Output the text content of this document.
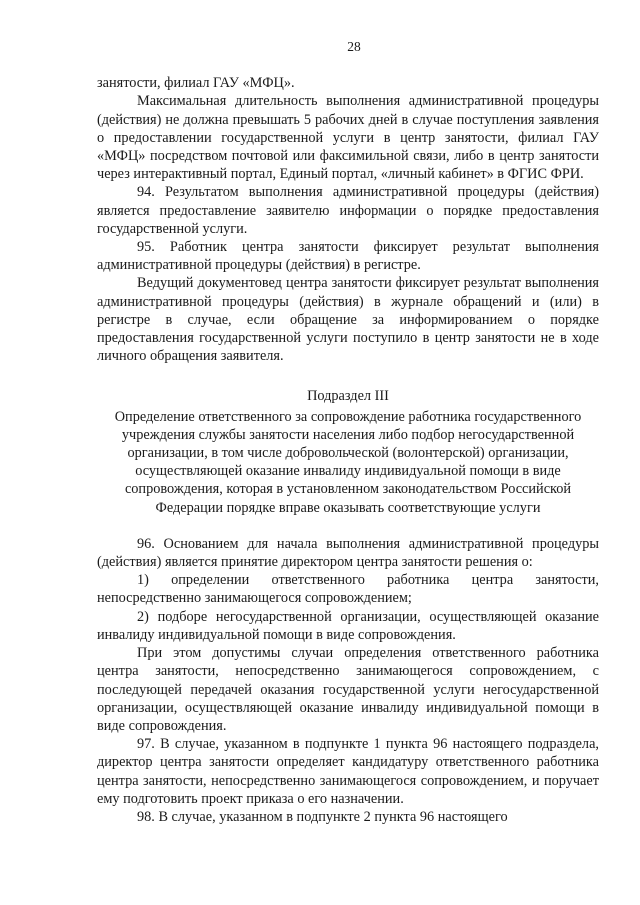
28

занятости, филиал ГАУ «МФЦ».

Максимальная длительность выполнения административной процедуры (действия) не должна превышать 5 рабочих дней в случае поступления заявления о предоставлении государственной услуги в центр занятости, филиал ГАУ «МФЦ» посредством почтовой или факсимильной связи, либо в центр занятости через интерактивный портал, Единый портал, «личный кабинет» в ФГИС ФРИ.

94. Результатом выполнения административной процедуры (действия) является предоставление заявителю информации о порядке предоставления государственной услуги.

95. Работник центра занятости фиксирует результат выполнения административной процедуры (действия) в регистре.

Ведущий документовед центра занятости фиксирует результат выполнения административной процедуры (действия) в журнале обращений и (или) в регистре в случае, если обращение за информированием о порядке предоставления государственной услуги поступило в центр занятости не в ходе личного обращения заявителя.

Подраздел III

Определение ответственного за сопровождение работника государственного учреждения службы занятости населения либо подбор негосударственной организации, в том числе добровольческой (волонтерской) организации, осуществляющей оказание инвалиду индивидуальной помощи в виде сопровождения, которая в установленном законодательством Российской Федерации порядке вправе оказывать соответствующие услуги

96. Основанием для начала выполнения административной процедуры (действия) является принятие директором центра занятости решения о:

1) определении ответственного работника центра занятости, непосредственно занимающегося сопровождением;

2) подборе негосударственной организации, осуществляющей оказание инвалиду индивидуальной помощи в виде сопровождения.

При этом допустимы случаи определения ответственного работника центра занятости, непосредственно занимающегося сопровождением, с последующей передачей оказания государственной услуги негосударственной организации, осуществляющей оказание инвалиду индивидуальной помощи в виде сопровождения.

97. В случае, указанном в подпункте 1 пункта 96 настоящего подраздела, директор центра занятости определяет кандидатуру ответственного работника центра занятости, непосредственно занимающегося сопровождением, и поручает ему подготовить проект приказа о его назначении.

98. В случае, указанном в подпункте 2 пункта 96 настоящего
